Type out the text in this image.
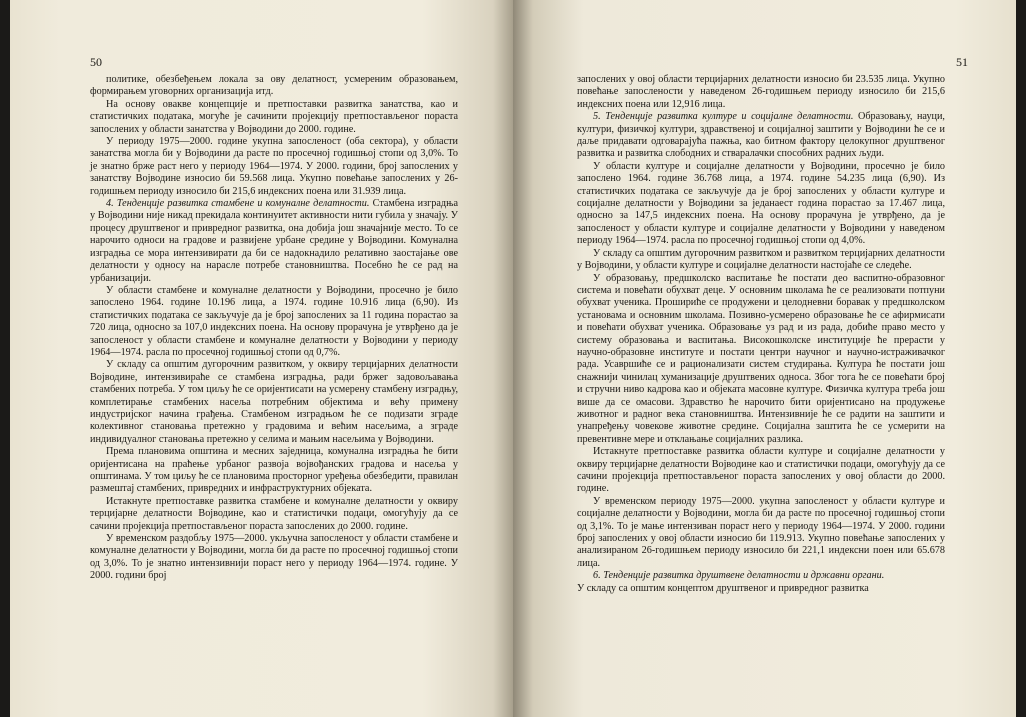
50

политике, обезбеђењем локала за ову делатност, усмереним образовањем, формирањем уговорних организација итд.

На основу овакве концепције и претпоставки развитка занатства, као и статистичких података, могуће је сачинити пројекцију претпостављеног пораста запослених у области занатства у Војводини до 2000. године.

У периоду 1975—2000. године укупна запосленост (оба сектора), у области занатства могла би у Војводини да расте по просечној годишњој стопи од 3,0%. То је знатно брже раст него у периоду 1964—1974. У 2000. години, број запослених у занатству Војводине износио би 59.568 лица. Укупно повећање запослених у 26-годишњем периоду износило би 215,6 индексних поена или 31.939 лица.

4. Тенденције развитка стамбене и комуналне делатности. Стамбена изградња у Војводини није никад прекидала континуитет активности нити губила у значају. У процесу друштвеног и привредног развитка, она добија још значајније место. То се нарочито односи на градове и развијене урбане средине у Војводини. Комунална изградња се мора интензивирати да би се надокнадило релативно заостајање ове делатности у односу на нарасле потребе становништва. Посебно ће се рад на урбанизацији.

У области стамбене и комуналне делатности у Војводини, просечно је било запослено 1964. године 10.196 лица, а 1974. године 10.916 лица (6,90). Из статистичких података се закључује да је број запослених за 11 година порастао за 720 лица, односно за 107,0 индексних поена. На основу прорачуна је утврђено да је запосленост у области стамбене и комуналне делатности у Војводини у периоду 1964—1974. расла по просечној годишњој стопи од 0,7%.

У складу са општим дугорочним развитком, у оквиру терцијарних делатности Војводине, интензивираће се стамбена изградња, ради бржег задовољавања стамбених потреба. У том циљу ће се оријентисати на усмерену стамбену изградњу, комплетирање стамбених насеља потребним објектима и већу примену индустријског начина грађења. Стамбеном изградњом ће се подизати зграде колективног становања претежно у градовима и већим насељима, а зграде индивидуалног становања претежно у селима и мањим насељима у Војводини.

Према плановима општина и месних заједница, комунална изградња ће бити оријентисана на праћење урбаног развоја војвођанских градова и насеља у општинама. У том циљу ће се плановима просторног уређења обезбедити, правилан размештај стамбених, привредних и инфраструктурних објеката.

Истакнуте претпоставке развитка стамбене и комуналне делатности у оквиру терцијарне делатности Војводине, као и статистички подаци, омогућују да се сачини пројекција претпостављеног пораста запослених до 2000. године.

У временском раздобљу 1975—2000. укључна запосленост у области стамбене и комуналне делатности у Војводини, могла би да расте по просечној годишњој стопи од 3,0%. То је знатно интензивнији пораст него у периоду 1964—1974. године. У 2000. години број

51

запослених у овој области терцијарних делатности износио би 23.535 лица. Укупно повећање запослености у наведеном 26-годишњем периоду износило би 215,6 индексних поена или 12,916 лица.

5. Тенденције развитка културе и социјалне делатности. Образовању, науци, култури, физичкој култури, здравственој и социјалној заштити у Војводини ће се и даље придавати одговарајућа пажња, као битном фактору целокупног друштвеног развитка и развитка слободних и стваралачки способних радних људи.

У области културе и социјалне делатности у Војводини, просечно је било запослено 1964. године 36.768 лица, а 1974. године 54.235 лица (6,90). Из статистичких података се закључује да је број запослених у области културе и социјалне делатности у Војводини за једанаест година порастао за 17.467 лица, односно за 147,5 индексних поена. На основу прорачуна је утврђено, да је запосленост у области културе и социјалне делатности у Војводини у наведеном периоду 1964—1974. расла по просечној годишњој стопи од 4,0%.

У складу са општим дугорочним развитком и развитком терцијарних делатности у Војводини, у области културе и социјалне делатности настојаће се следеће.

У образовању, предшколско васпитање ће постати део васпитно-образовног система и повећати обухват деце. У основним школама ће се реализовати потпуни обухват ученика. Прошириће се продужени и целодневни боравак у предшколском установама и основним школама. Позивно-усмерено образовање ће се афирмисати и повећати обухват ученика. Образовање уз рад и из рада, добиће право место у систему образовања и васпитања. Високошколске институције ће прерасти у научно-образовне институте и постати центри научног и научно-истраживачког рада. Усавршиће се и рационализати систем студирања. Култура ће постати још снажнији чинилац хуманизације друштвених односа. Због тога ће се повећати број и стручни ниво кадрова као и објеката масовне културе. Физичка култура треба још више да се омасови. Здравство ће нарочито бити оријентисано на продужење животног и радног века становништва. Интензивније ће се радити на заштити и унапређењу човекове животне средине. Социјална заштита ће се усмерити на превентивне мере и отклањање социјалних разлика.

Истакнуте претпоставке развитка области културе и социјалне делатности у оквиру терцијарне делатности Војводине као и статистички подаци, омогућују да се сачини пројекција претпостављеног пораста запослених у овој области до 2000. године.

У временском периоду 1975—2000. укупна запосленост у области културе и социјалне делатности у Војводини, могла би да расте по просечној годишњој стопи од 3,1%. То је мање интензиван пораст него у периоду 1964—1974. У 2000. години број запослених у овој области износио би 119.913. Укупно повећање запослених у анализираном 26-годишњем периоду износило би 221,1 индексни поен или 65.678 лица.

6. Тенденције развитка друштвене делатности и државни органи.

У складу са општим концептом друштвеног и привредног развитка
